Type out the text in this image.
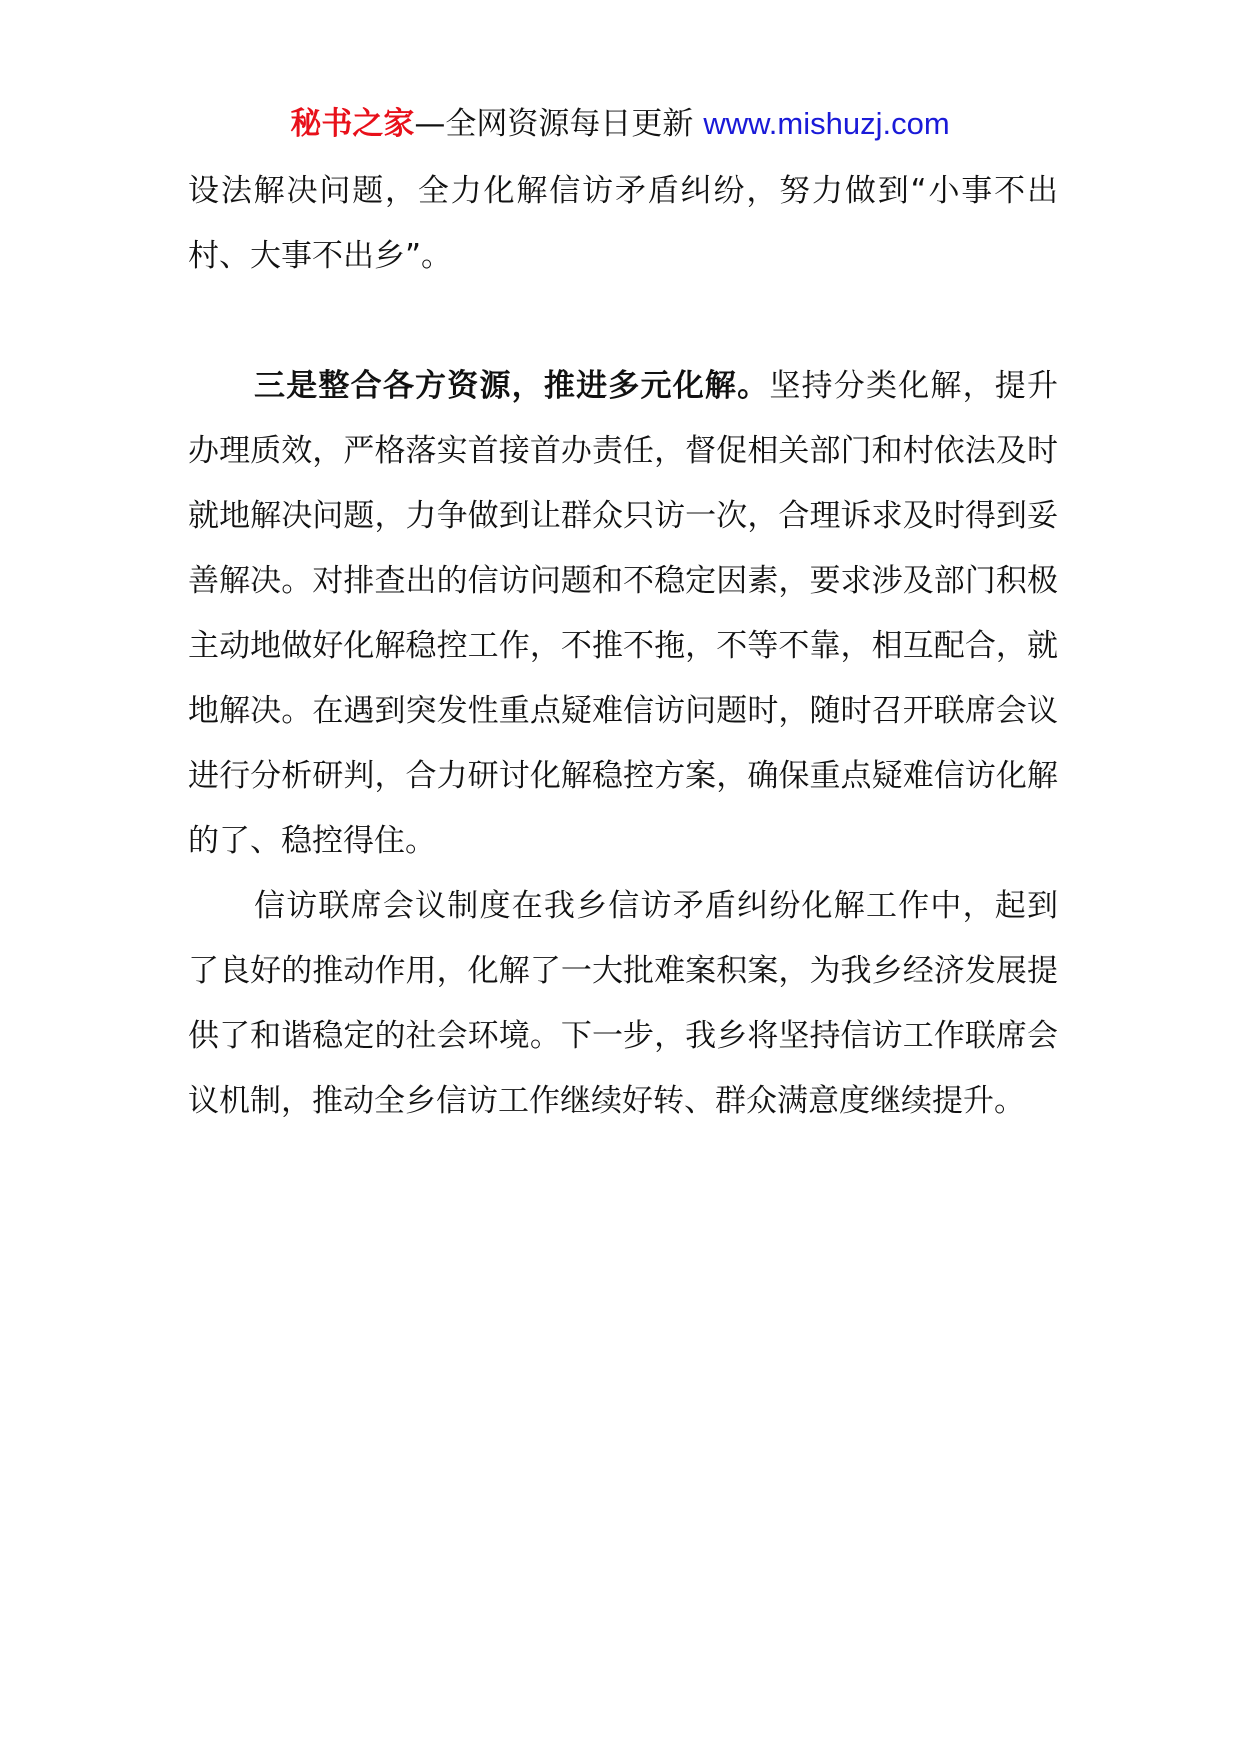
秘书之家—全网资源每日更新 www.mishuzj.com

设法解决问题，全力化解信访矛盾纠纷，努力做到“小事不出村、大事不出乡”。

三是整合各方资源，推进多元化解。坚持分类化解，提升办理质效，严格落实首接首办责任，督促相关部门和村依法及时就地解决问题，力争做到让群众只访一次，合理诉求及时得到妥善解决。对排查出的信访问题和不稳定因素，要求涉及部门积极主动地做好化解稳控工作，不推不拖，不等不靠，相互配合，就地解决。在遇到突发性重点疑难信访问题时，随时召开联席会议进行分析研判，合力研讨化解稳控方案，确保重点疑难信访化解的了、稳控得住。

信访联席会议制度在我乡信访矛盾纠纷化解工作中，起到了良好的推动作用，化解了一大批难案积案，为我乡经济发展提供了和谐稳定的社会环境。下一步，我乡将坚持信访工作联席会议机制，推动全乡信访工作继续好转、群众满意度继续提升。
